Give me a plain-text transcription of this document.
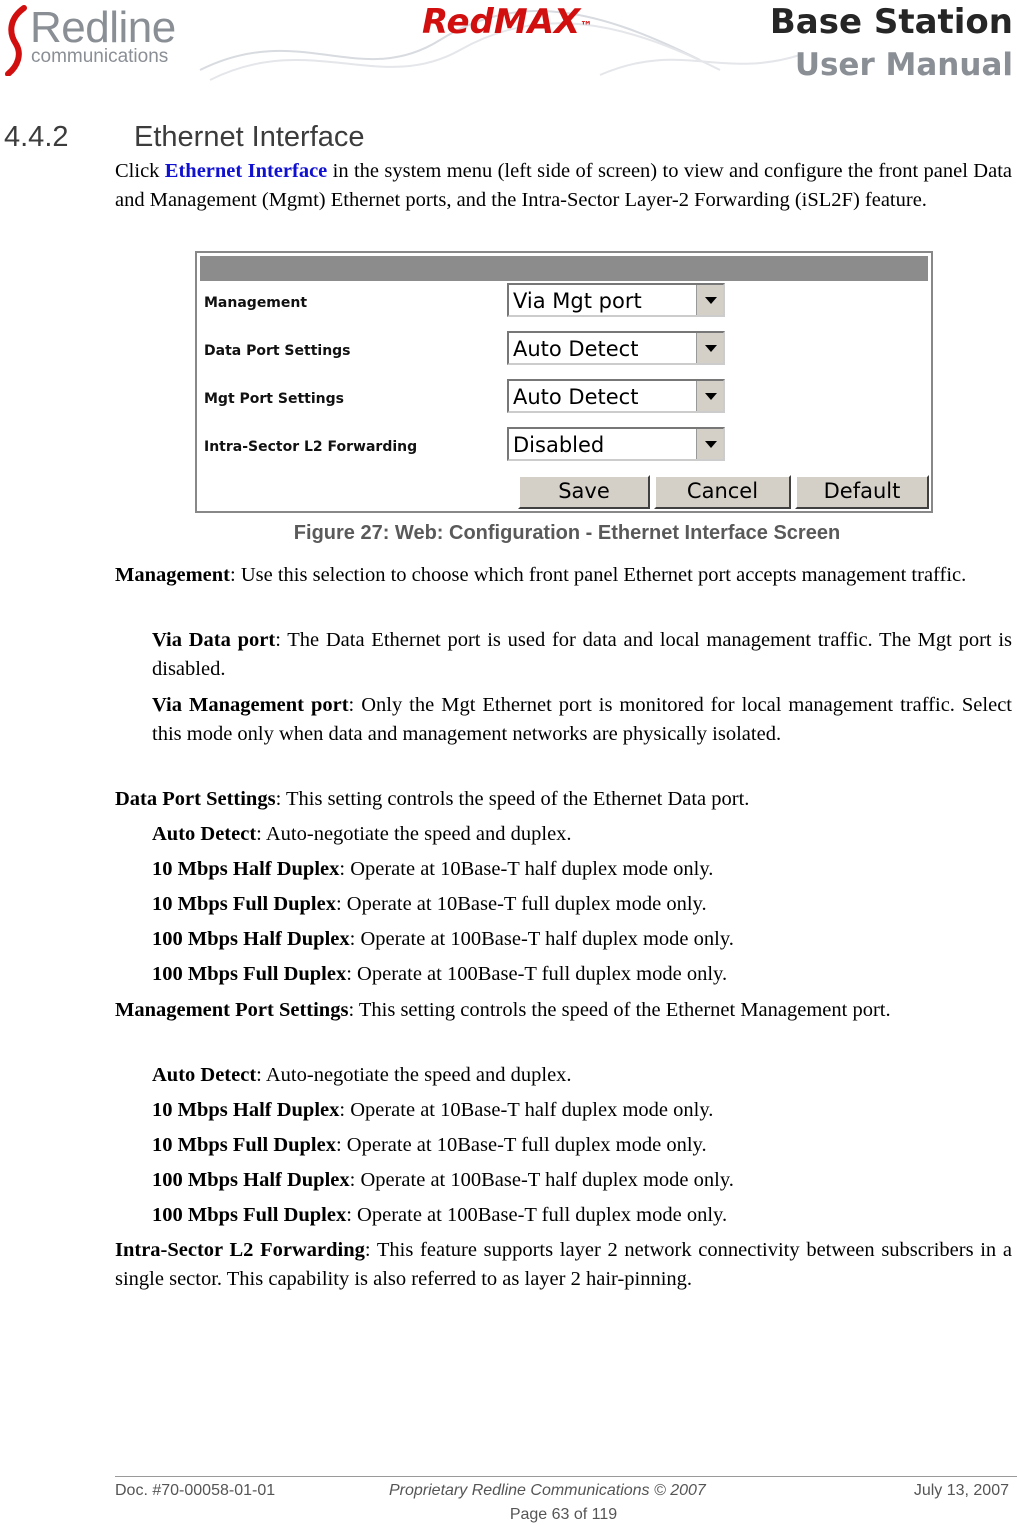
Redline
communications
RedMAX™	Base Station
User Manual
4.4.2 Ethernet Interface
Click Ethernet Interface in the system menu (left side of screen) to view and configure the front panel Data and Management (Mgmt) Ethernet ports, and the Intra-Sector Layer-2 Forwarding (iSL2F) feature.
Management	Via Mgt port
Data Port Settings	Auto Detect
Mgt Port Settings	Auto Detect
Intra-Sector L2 Forwarding	Disabled
Save	Cancel	Default
Figure 27: Web: Configuration - Ethernet Interface Screen
Management: Use this selection to choose which front panel Ethernet port accepts management traffic.
Via Data port: The Data Ethernet port is used for data and local management traffic. The Mgt port is disabled.
Via Management port: Only the Mgt Ethernet port is monitored for local management traffic. Select this mode only when data and management networks are physically isolated.
Data Port Settings: This setting controls the speed of the Ethernet Data port.
Auto Detect: Auto-negotiate the speed and duplex.
10 Mbps Half Duplex: Operate at 10Base-T half duplex mode only.
10 Mbps Full Duplex: Operate at 10Base-T full duplex mode only.
100 Mbps Half Duplex: Operate at 100Base-T half duplex mode only.
100 Mbps Full Duplex: Operate at 100Base-T full duplex mode only.
Management Port Settings: This setting controls the speed of the Ethernet Management port.
Auto Detect: Auto-negotiate the speed and duplex.
10 Mbps Half Duplex: Operate at 10Base-T half duplex mode only.
10 Mbps Full Duplex: Operate at 10Base-T full duplex mode only.
100 Mbps Half Duplex: Operate at 100Base-T half duplex mode only.
100 Mbps Full Duplex: Operate at 100Base-T full duplex mode only.
Intra-Sector L2 Forwarding: This feature supports layer 2 network connectivity between subscribers in a single sector. This capability is also referred to as layer 2 hair-pinning.
Doc. #70-00058-01-01	Proprietary Redline Communications © 2007	July 13, 2007
Page 63 of 119
